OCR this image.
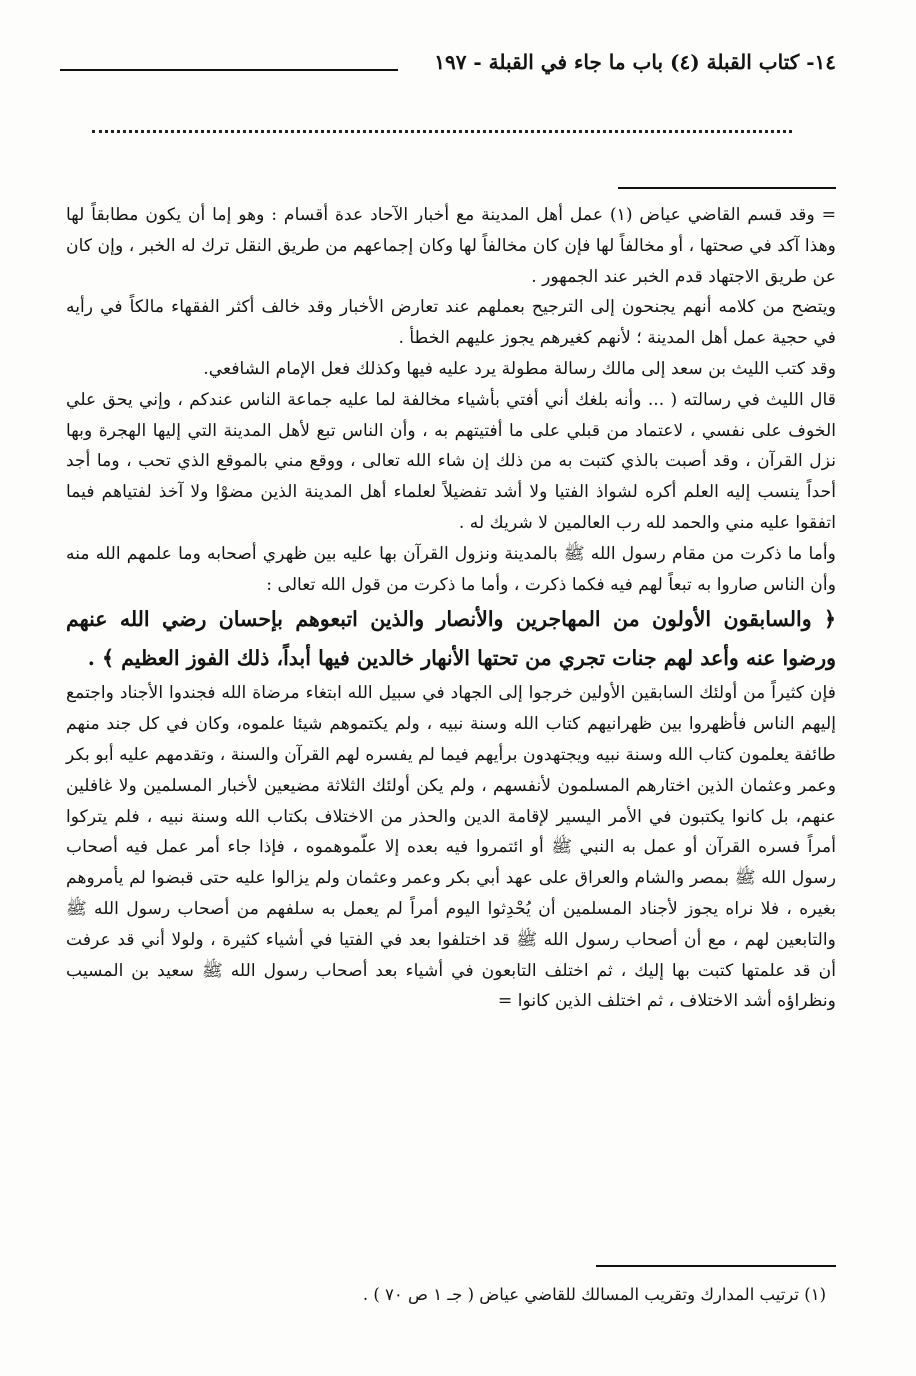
١٤- كتاب القبلة (٤) باب ما جاء في القبلة - ١٩٧

= وقد قسم القاضي عياض (١) عمل أهل المدينة مع أخبار الآحاد عدة أقسام : وهو إما أن يكون مطابقاً لها وهذا آكد في صحتها ، أو مخالفاً لها فإن كان مخالفاً لها وكان إجماعهم من طريق النقل ترك له الخبر ، وإن كان عن طريق الاجتهاد قدم الخبر عند الجمهور .

ويتضح من كلامه أنهم يجنحون إلى الترجيح بعملهم عند تعارض الأخبار وقد خالف أكثر الفقهاء مالكاً في رأيه في حجية عمل أهل المدينة ؛ لأنهم كغيرهم يجوز عليهم الخطأ .

وقد كتب الليث بن سعد إلى مالك رسالة مطولة يرد عليه فيها وكذلك فعل الإمام الشافعي.

قال الليث في رسالته ( ... وأنه بلغك أني أفتي بأشياء مخالفة لما عليه جماعة الناس عندكم ، وإني يحق علي الخوف على نفسي ، لاعتماد من قبلي على ما أفتيتهم به ، وأن الناس تبع لأهل المدينة التي إليها الهجرة وبها نزل القرآن ، وقد أصبت بالذي كتبت به من ذلك إن شاء الله تعالى ، ووقع مني بالموقع الذي تحب ، وما أجد أحداً ينسب إليه العلم أكره لشواذ الفتيا ولا أشد تفضيلاً لعلماء أهل المدينة الذين مضوْا ولا آخذ لفتياهم فيما اتفقوا عليه مني والحمد لله رب العالمين لا شريك له .

وأما ما ذكرت من مقام رسول الله ﷺ بالمدينة ونزول القرآن بها عليه بين ظهري أصحابه وما علمهم الله منه وأن الناس صاروا به تبعاً لهم فيه فكما ذكرت ، وأما ما ذكرت من قول الله تعالى :

﴿ والسابقون الأولون من المهاجرين والأنصار والذين اتبعوهم بإحسان رضي الله عنهم ورضوا عنه وأعد لهم جنات تجري من تحتها الأنهار خالدين فيها أبداً، ذلك الفوز العظيم ﴾ .

فإن كثيراً من أولئك السابقين الأولين خرجوا إلى الجهاد في سبيل الله ابتغاء مرضاة الله فجندوا الأجناد واجتمع إليهم الناس فأظهروا بين ظهرانيهم كتاب الله وسنة نبيه ، ولم يكتموهم شيئا علموه، وكان في كل جند منهم طائفة يعلمون كتاب الله وسنة نبيه ويجتهدون برأيهم فيما لم يفسره لهم القرآن والسنة ، وتقدمهم عليه أبو بكر وعمر وعثمان الذين اختارهم المسلمون لأنفسهم ، ولم يكن أولئك الثلاثة مضيعين لأخبار المسلمين ولا غافلين عنهم، بل كانوا يكتبون في الأمر اليسير لإقامة الدين والحذر من الاختلاف بكتاب الله وسنة نبيه ، فلم يتركوا أمراً فسره القرآن أو عمل به النبي ﷺ أو ائتمروا فيه بعده إلا علّموهموه ، فإذا جاء أمر عمل فيه أصحاب رسول الله ﷺ بمصر والشام والعراق على عهد أبي بكر وعمر وعثمان ولم يزالوا عليه حتى قبضوا لم يأمروهم بغيره ، فلا نراه يجوز لأجناد المسلمين أن يُحْدِثوا اليوم أمراً لم يعمل به سلفهم من أصحاب رسول الله ﷺ والتابعين لهم ، مع أن أصحاب رسول الله ﷺ قد اختلفوا بعد في الفتيا في أشياء كثيرة ، ولولا أني قد عرفت أن قد علمتها كتبت بها إليك ، ثم اختلف التابعون في أشياء بعد أصحاب رسول الله ﷺ سعيد بن المسيب ونظراؤه أشد الاختلاف ، ثم اختلف الذين كانوا =

(١) ترتيب المدارك وتقريب المسالك للقاضي عياض ( جـ ١ ص ٧٠ ) .
